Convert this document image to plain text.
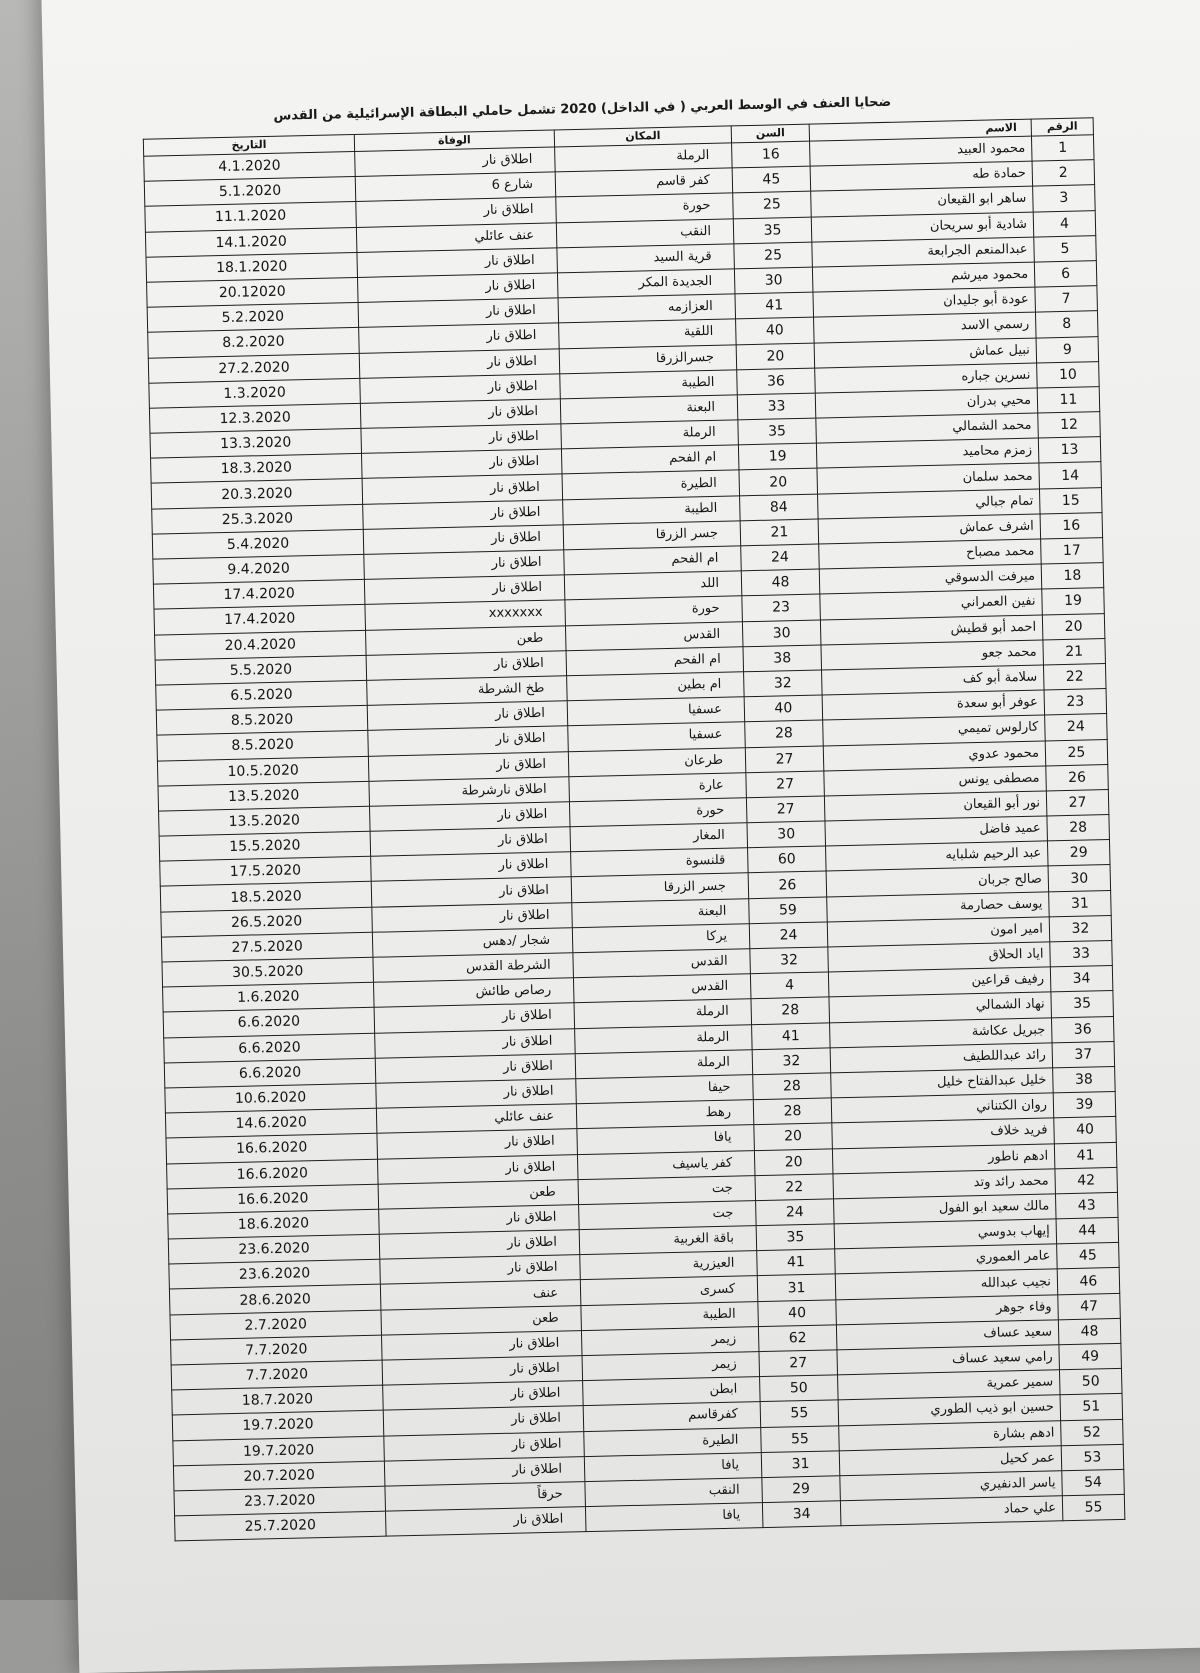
ضحايا العنف في الوسط العربي ( في الداخل) 2020 تشمل حاملي البطاقة الإسرائيلية من القدس
الرقم	الاسم	السن	المكان	الوفاة	التاريخ
1	محمود العبيد	16	الرملة	اطلاق نار	4.1.2020
2	حمادة طه	45	كفر قاسم	شارع 6	5.1.2020
3	ساهر ابو القيعان	25	حورة	اطلاق نار	11.1.2020
4	شادية أبو سريحان	35	النقب	عنف عائلي	14.1.2020
5	عبدالمنعم الجرابعة	25	قرية السيد	اطلاق نار	18.1.2020
6	محمود ميرشم	30	الجديدة المكر	اطلاق نار	20.12020
7	عودة أبو جليدان	41	العزازمه	اطلاق نار	5.2.2020
8	رسمي الاسد	40	اللقية	اطلاق نار	8.2.2020
9	نبيل عماش	20	جسرالزرقا	اطلاق نار	27.2.2020
10	نسرين جباره	36	الطيبة	اطلاق نار	1.3.2020
11	محيي بدران	33	البعنة	اطلاق نار	12.3.2020
12	محمد الشمالي	35	الرملة	اطلاق نار	13.3.2020
13	زمزم محاميد	19	ام الفحم	اطلاق نار	18.3.2020
14	محمد سلمان	20	الطيرة	اطلاق نار	20.3.2020
15	تمام جبالي	84	الطيبة	اطلاق نار	25.3.2020
16	اشرف عماش	21	جسر الزرقا	اطلاق نار	5.4.2020
17	محمد مصباح	24	ام الفحم	اطلاق نار	9.4.2020
18	ميرفت الدسوقي	48	اللد	اطلاق نار	17.4.2020
19	نفين العمراني	23	حورة	xxxxxxx	17.4.2020
20	احمد أبو قطيش	30	القدس	طعن	20.4.2020
21	محمد جعو	38	ام الفحم	اطلاق نار	5.5.2020
22	سلامة أبو كف	32	ام بطين	طخ الشرطة	6.5.2020
23	عوفر أبو سعدة	40	عسفيا	اطلاق نار	8.5.2020
24	كارلوس تميمي	28	عسفيا	اطلاق نار	8.5.2020
25	محمود عدوي	27	طرعان	اطلاق نار	10.5.2020
26	مصطفى يونس	27	عارة	اطلاق نارشرطة	13.5.2020
27	نور أبو القيعان	27	حورة	اطلاق نار	13.5.2020
28	عميد فاضل	30	المغار	اطلاق نار	15.5.2020
29	عبد الرحيم شلبايه	60	قلنسوة	اطلاق نار	17.5.2020
30	صالح جربان	26	جسر الزرقا	اطلاق نار	18.5.2020
31	يوسف حصارمة	59	البعنة	اطلاق نار	26.5.2020
32	امير امون	24	يركا	شجار /دهس	27.5.2020
33	اياد الحلاق	32	القدس	الشرطة القدس	30.5.2020
34	رفيف قراعين	4	القدس	رصاص طائش	1.6.2020
35	نهاد الشمالي	28	الرملة	اطلاق نار	6.6.2020
36	جبريل عكاشة	41	الرملة	اطلاق نار	6.6.2020
37	رائد عبداللطيف	32	الرملة	اطلاق نار	6.6.2020
38	خليل عبدالفتاح خليل	28	حيفا	اطلاق نار	10.6.2020
39	روان الكتناني	28	رهط	عنف عائلي	14.6.2020
40	فريد خلاف	20	يافا	اطلاق نار	16.6.2020
41	ادهم ناطور	20	كفر ياسيف	اطلاق نار	16.6.2020
42	محمد رائد وتد	22	جت	طعن	16.6.2020
43	مالك سعيد ابو الفول	24	جت	اطلاق نار	18.6.2020
44	إيهاب بدوسي	35	باقة الغربية	اطلاق نار	23.6.2020
45	عامر العموري	41	العيزرية	اطلاق نار	23.6.2020
46	نجيب عبدالله	31	كسرى	عنف	28.6.2020
47	وفاء جوهر	40	الطيبة	طعن	2.7.2020
48	سعيد عساف	62	زيمر	اطلاق نار	7.7.2020
49	رامي سعيد عساف	27	زيمر	اطلاق نار	7.7.2020
50	سمير عمرية	50	ابطن	اطلاق نار	18.7.2020
51	حسين ابو ذيب الطوري	55	كفرقاسم	اطلاق نار	19.7.2020
52	ادهم بشارة	55	الطيرة	اطلاق نار	19.7.2020
53	عمر كحيل	31	يافا	اطلاق نار	20.7.2020
54	ياسر الدنفيري	29	النقب	حرقاً	23.7.2020
55	علي حماد	34	يافا	اطلاق نار	25.7.2020
